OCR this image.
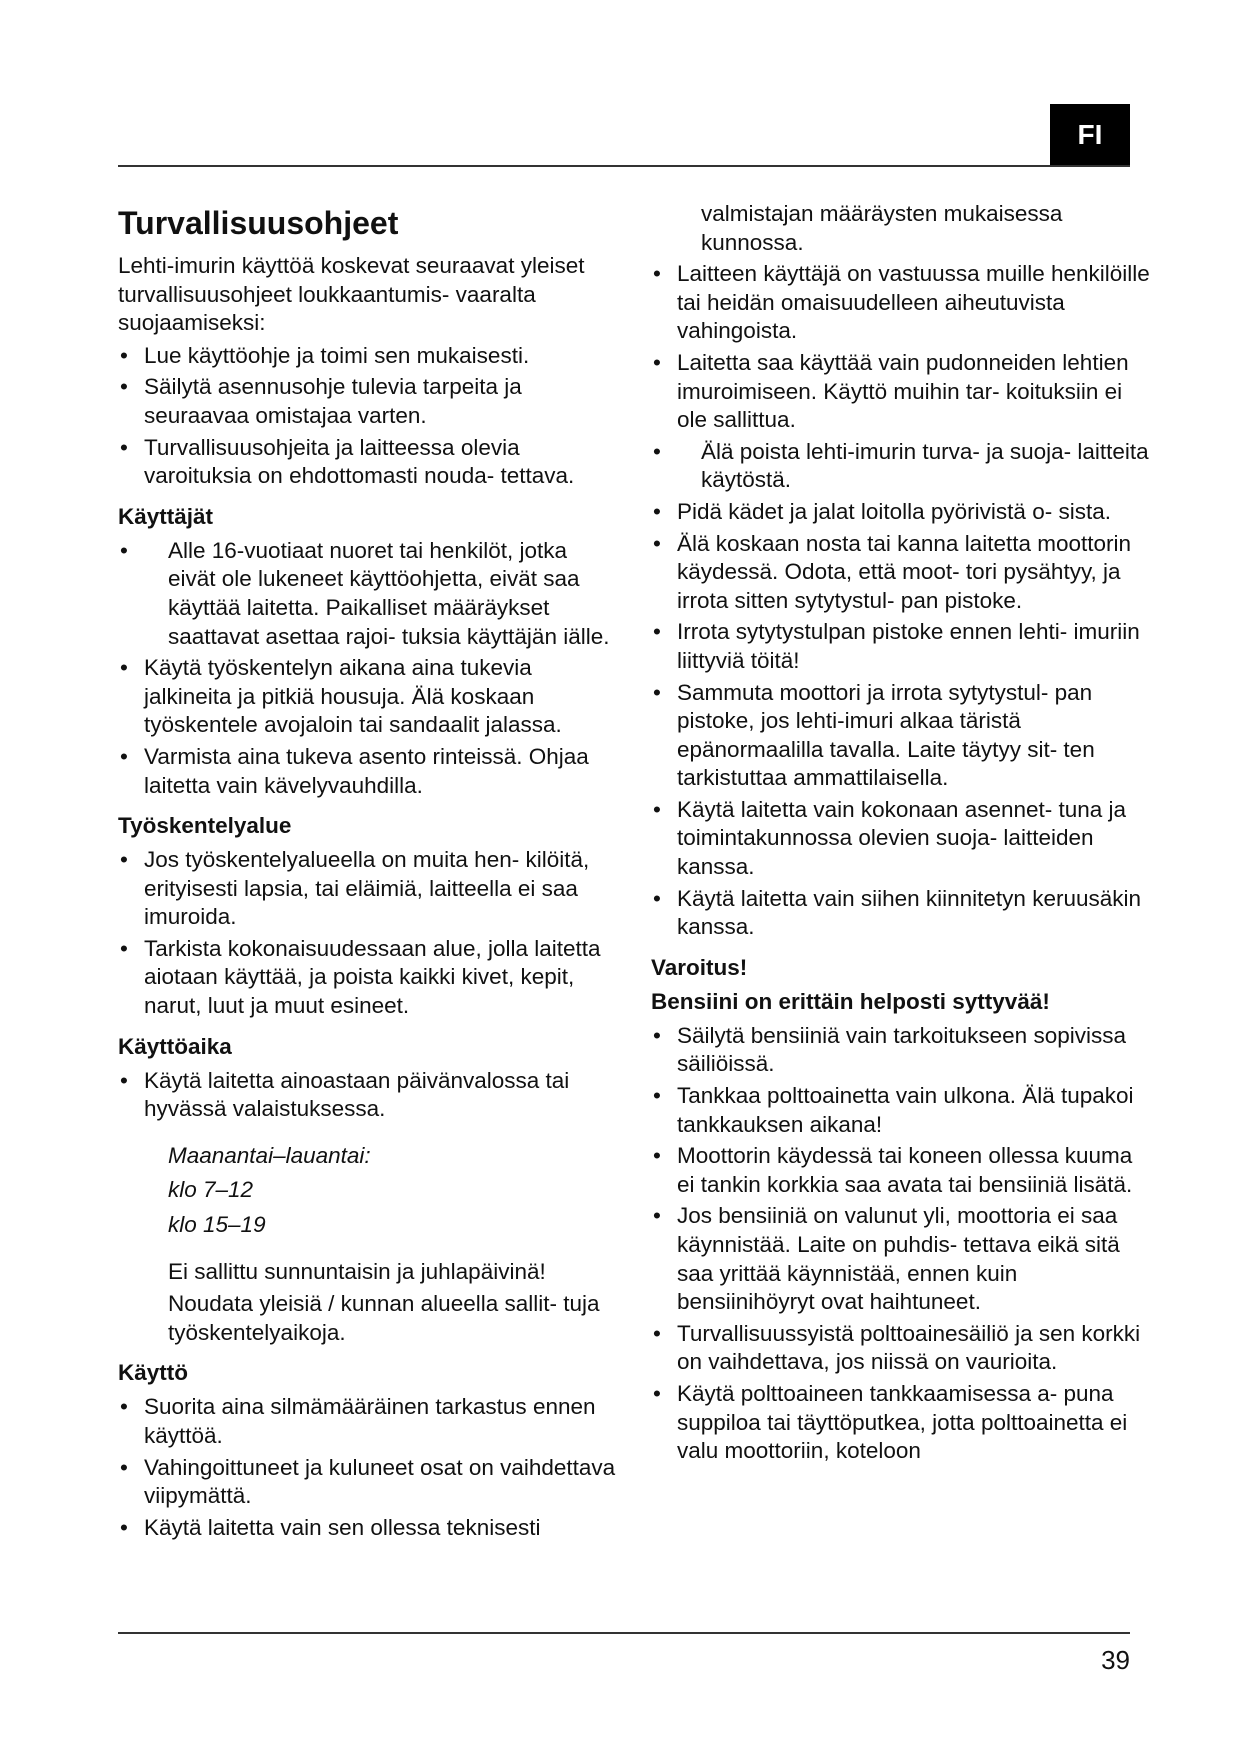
FI
Turvallisuusohjeet

Lehti-imurin käyttöä koskevat seuraavat yleiset turvallisuusohjeet loukkaantumis- vaaralta suojaamiseksi:

• Lue käyttöohje ja toimi sen mukaisesti.
• Säilytä asennusohje tulevia tarpeita ja seuraavaa omistajaa varten.
• Turvallisuusohjeita ja laitteessa olevia varoituksia on ehdottomasti nouda- tettava.
Käyttäjät
• Alle 16-vuotiaat nuoret tai henkilöt, jotka eivät ole lukeneet käyttöohjetta, eivät saa käyttää laitetta. Paikalliset määräykset saattavat asettaa rajoi- tuksia käyttäjän iälle.
• Käytä työskentelyn aikana aina tukevia jalkineita ja pitkiä housuja. Älä koskaan työskentele avojaloin tai sandaalit jalassa.
• Varmista aina tukeva asento rinteissä. Ohjaa laitetta vain kävelyvauhdilla.
Työskentelyalue
• Jos työskentelyalueella on muita hen- kilöitä, erityisesti lapsia, tai eläimiä, laitteella ei saa imuroida.
• Tarkista kokonaisuudessaan alue, jolla laitetta aiotaan käyttää, ja poista kaikki kivet, kepit, narut, luut ja muut esineet.
Käyttöaika
• Käytä laitetta ainoastaan päivänvalossa tai hyvässä valaistuksessa.

Maanantai–lauantai:

klo 7–12

klo 15–19

Ei sallittu sunnuntaisin ja juhlapäivinä!

Noudata yleisiä / kunnan alueella sallit- tuja työskentelyaikoja.

Käyttö
• Suorita aina silmämääräinen tarkastus ennen käyttöä.
• Vahingoittuneet ja kuluneet osat on vaihdettava viipymättä.
• Käytä laitetta vain sen ollessa teknisesti

valmistajan määräysten mukaisessa kunnossa.

• Laitteen käyttäjä on vastuussa muille henkilöille tai heidän omaisuudelleen aiheutuvista vahingoista.
• Laitetta saa käyttää vain pudonneiden lehtien imuroimiseen. Käyttö muihin tar- koituksiin ei ole sallittua.
• Älä poista lehti-imurin turva- ja suoja- laitteita käytöstä.
• Pidä kädet ja jalat loitolla pyörivistä o- sista.
• Älä koskaan nosta tai kanna laitetta moottorin käydessä. Odota, että moot- tori pysähtyy, ja irrota sitten sytytystul- pan pistoke.
• Irrota sytytystulpan pistoke ennen lehti- imuriin liittyviä töitä!
• Sammuta moottori ja irrota sytytystul- pan pistoke, jos lehti-imuri alkaa täristä epänormaalilla tavalla. Laite täytyy sit- ten tarkistuttaa ammattilaisella.
• Käytä laitetta vain kokonaan asennet- tuna ja toimintakunnossa olevien suoja- laitteiden kanssa.
• Käytä laitetta vain siihen kiinnitetyn keruusäkin kanssa.
Varoitus!
Bensiini on erittäin helposti syttyvää!
• Säilytä bensiiniä vain tarkoitukseen sopivissa säiliöissä.
• Tankkaa polttoainetta vain ulkona. Älä tupakoi tankkauksen aikana!
• Moottorin käydessä tai koneen ollessa kuuma ei tankin korkkia saa avata tai bensiiniä lisätä.
• Jos bensiiniä on valunut yli, moottoria ei saa käynnistää. Laite on puhdis- tettava eikä sitä saa yrittää käynnistää, ennen kuin bensiinihöyryt ovat haihtuneet.
• Turvallisuussyistä polttoainesäiliö ja sen korkki on vaihdettava, jos niissä on vaurioita.
• Käytä polttoaineen tankkaamisessa a- puna suppiloa tai täyttöputkea, jotta polttoainetta ei valu moottoriin, koteloon
39
